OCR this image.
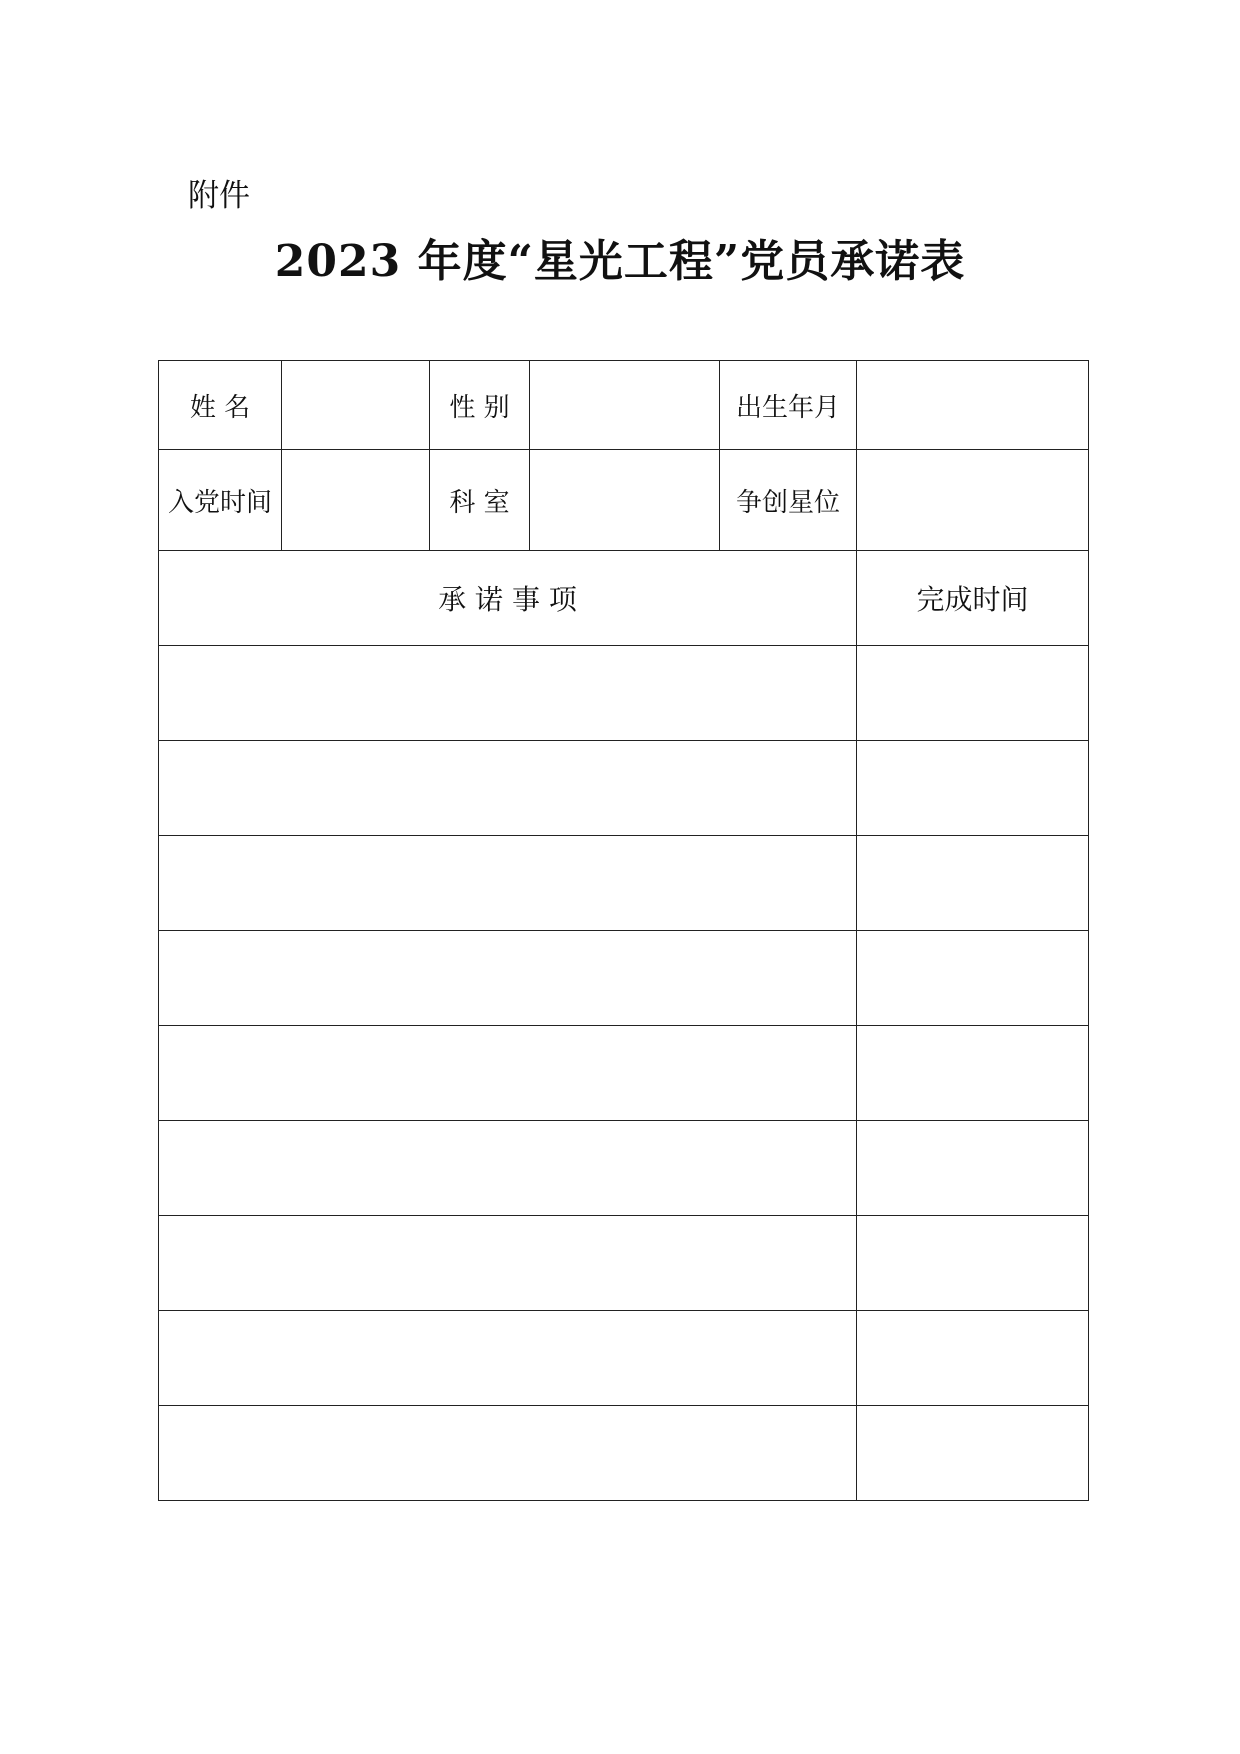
附件
2023 年度“星光工程”党员承诺表
姓 名		性 别		出生年月	
入党时间		科 室		争创星位	
承 诺 事 项					完成时间
